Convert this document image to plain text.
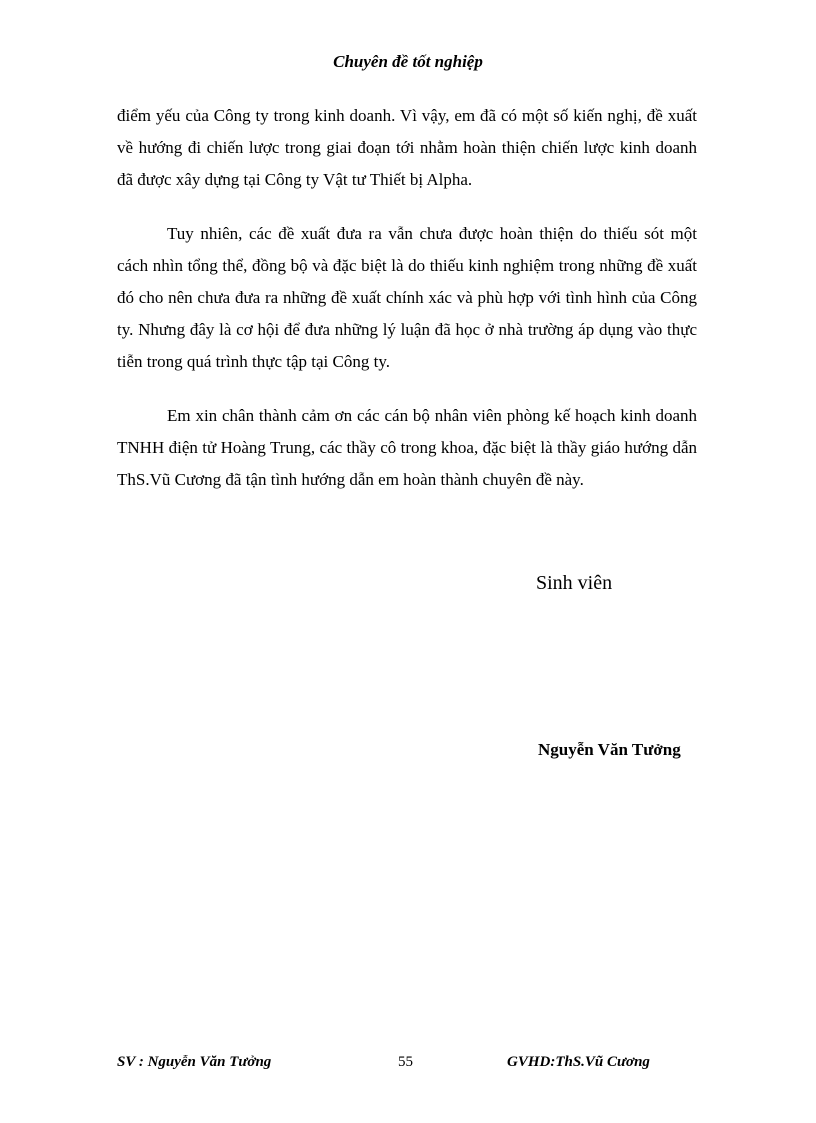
Chuyên đề tốt nghiệp

điểm yếu của Công ty trong kinh doanh. Vì vậy, em đã có một số kiến nghị, đề xuất về hướng đi chiến lược trong giai đoạn tới nhằm hoàn thiện chiến lược kinh doanh đã được xây dựng tại Công ty Vật tư Thiết bị Alpha.

Tuy nhiên, các đề xuất đưa ra vẫn chưa được hoàn thiện do thiếu sót một cách nhìn tổng thể, đồng bộ và đặc biệt là do thiếu kinh nghiệm trong những đề xuất đó cho nên chưa đưa ra những đề xuất chính xác và phù hợp với tình hình của Công ty. Nhưng đây là cơ hội để đưa những lý luận đã học ở nhà trường áp dụng vào thực tiễn trong quá trình thực tập tại Công ty.

Em xin chân thành cảm ơn các cán bộ nhân viên phòng kế hoạch kinh doanh TNHH điện tử Hoàng Trung, các thầy cô trong khoa, đặc biệt là thầy giáo hướng dẫn ThS.Vũ Cương đã tận tình hướng dẫn em hoàn thành chuyên đề này.

Sinh viên
Nguyễn Văn Tưởng
SV : Nguyễn Văn Tưởng	55	GVHD:ThS.Vũ Cương
